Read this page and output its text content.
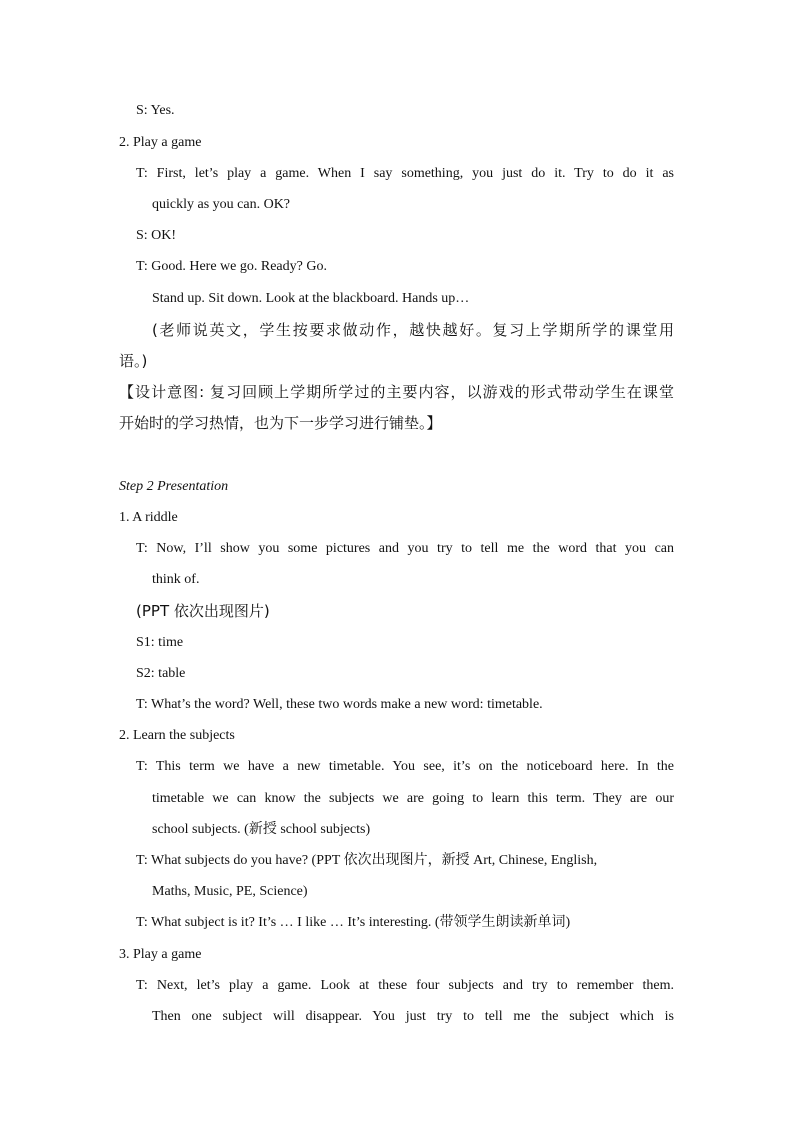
S: Yes.
2. Play a game
T: First, let’s play a game. When I say something, you just do it. Try to do it as
quickly as you can. OK?
S: OK!
T: Good. Here we go. Ready? Go.
Stand up. Sit down. Look at the blackboard. Hands up…
(老师说英文，学生按要求做动作，越快越好。复习上学期所学的课堂用
语。)
【设计意图: 复习回顾上学期所学过的主要内容，以游戏的形式带动学生在课堂
开始时的学习热情，也为下一步学习进行铺垫。】
Step 2 Presentation
1. A riddle
T: Now, I’ll show you some pictures and you try to tell me the word that you can
think of.
(PPT 依次出现图片)
S1: time
S2: table
T: What’s the word? Well, these two words make a new word: timetable.
2. Learn the subjects
T: This term we have a new timetable. You see, it’s on the noticeboard here. In the
timetable we can know the subjects we are going to learn this term. They are our
school subjects. (新授 school subjects)
T: What subjects do you have? (PPT 依次出现图片，新授 Art, Chinese, English,
Maths, Music, PE, Science)
T: What subject is it? It’s … I like … It’s interesting. (带领学生朗读新单词)
3. Play a game
T: Next, let’s play a game. Look at these four subjects and try to remember them.
Then one subject will disappear. You just try to tell me the subject which is
